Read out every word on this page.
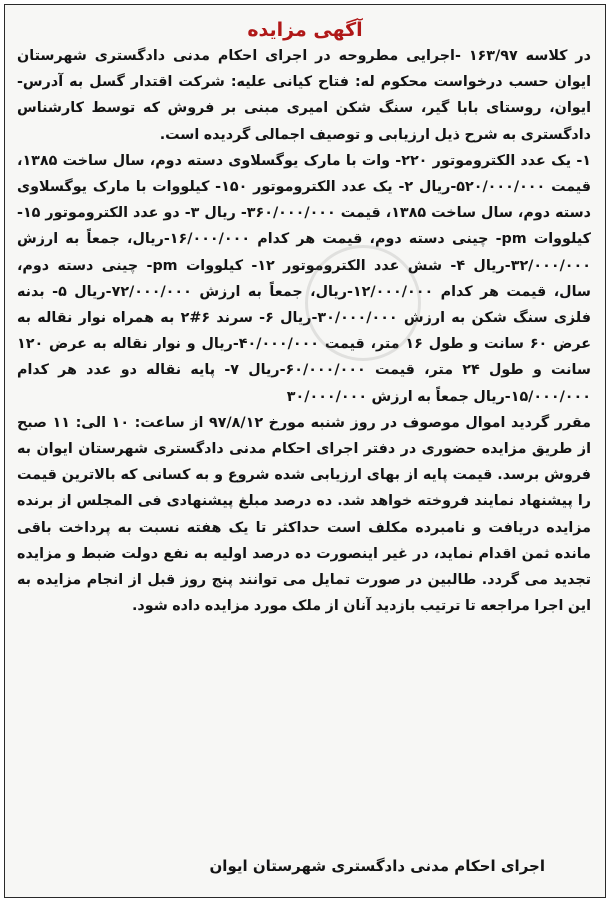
آگهی مزایده

در کلاسه ۱۶۳/۹۷ -اجرایی مطروحه در اجرای احکام مدنی دادگستری شهرستان ایوان حسب درخواست محکوم له: فتاح کیانی علیه: شرکت اقتدار گسل به آدرس- ایوان، روستای بابا گیر، سنگ شکن امیری مبنی بر فروش که توسط کارشناس دادگستری به شرح ذیل ارزیابی و توصیف اجمالی گردیده است.

۱- یک عدد الکتروموتور ۲۲۰- وات با مارک یوگسلاوی دسته دوم، سال ساخت ۱۳۸۵، قیمت ۵۲۰/۰۰۰/۰۰۰-ریال ۲- یک عدد الکتروموتور ۱۵۰- کیلووات با مارک یوگسلاوی دسته دوم، سال ساخت ۱۳۸۵، قیمت ۳۶۰/۰۰۰/۰۰۰- ریال ۳- دو عدد الکتروموتور ۱۵- کیلووات pm- چینی دسته دوم، قیمت هر کدام ۱۶/۰۰۰/۰۰۰-ریال، جمعاً به ارزش ۳۲/۰۰۰/۰۰۰-ریال ۴- شش عدد الکتروموتور ۱۲- کیلووات pm- چینی دسته دوم، سال، قیمت هر کدام ۱۲/۰۰۰/۰۰۰-ریال، جمعاً به ارزش ۷۲/۰۰۰/۰۰۰-ریال ۵- بدنه فلزی سنگ شکن به ارزش ۳۰/۰۰۰/۰۰۰-ریال ۶- سرند ۶#۲ به همراه نوار نقاله به عرض ۶۰ سانت و طول ۱۶ متر، قیمت ۴۰/۰۰۰/۰۰۰-ریال و نوار نقاله به عرض ۱۲۰ سانت و طول ۲۴ متر، قیمت ۶۰/۰۰۰/۰۰۰-ریال ۷- پایه نقاله دو عدد هر کدام ۱۵/۰۰۰/۰۰۰-ریال جمعاً به ارزش ۳۰/۰۰۰/۰۰۰

مقرر گردید اموال موصوف در روز شنبه مورخ ۹۷/۸/۱۲ از ساعت: ۱۰ الی: ۱۱ صبح از طریق مزایده حضوری در دفتر اجرای احکام مدنی دادگستری شهرستان ایوان به فروش برسد. قیمت پایه از بهای ارزیابی شده شروع و به کسانی که بالاترین قیمت را پیشنهاد نمایند فروخته خواهد شد. ده درصد مبلغ پیشنهادی فی المجلس از برنده مزایده دریافت و نامبرده مکلف است حداکثر تا یک هفته نسبت به پرداخت باقی مانده ثمن اقدام نماید، در غیر اینصورت ده درصد اولیه به نفع دولت ضبط و مزایده تجدید می گردد. طالبین در صورت تمایل می توانند پنج روز قبل از انجام مزایده به این اجرا مراجعه تا ترتیب بازدید آنان از ملک مورد مزایده داده شود.

اجرای احکام مدنی دادگستری شهرستان ایوان
